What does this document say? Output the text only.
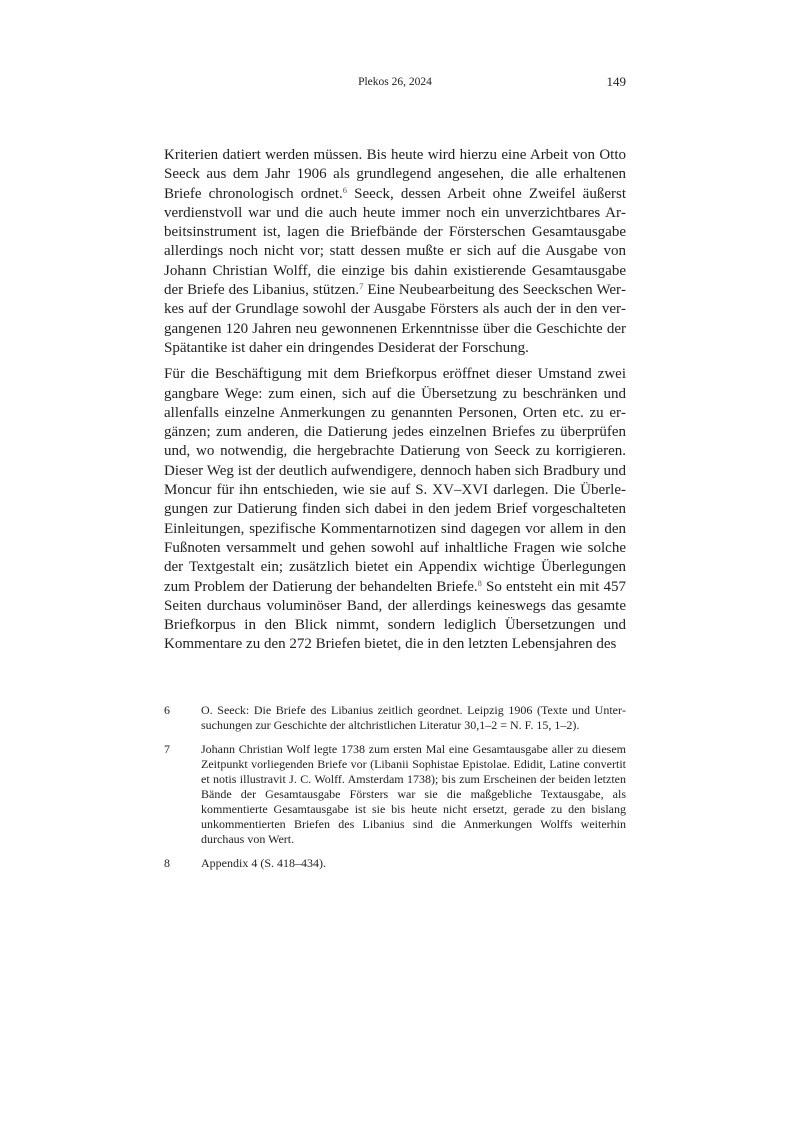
Plekos 26, 2024	149

Kriterien datiert werden müssen. Bis heute wird hierzu eine Arbeit von Otto Seeck aus dem Jahr 1906 als grundlegend angesehen, die alle erhaltenen Briefe chronologisch ordnet.$^6$ Seeck, dessen Arbeit ohne Zweifel äußerst verdienstvoll war und die auch heute immer noch ein unverzichtbares Arbeitsinstrument ist, lagen die Briefbände der Försterschen Gesamtausgabe allerdings noch nicht vor; statt dessen mußte er sich auf die Ausgabe von Johann Christian Wolff, die einzige bis dahin existierende Gesamtausgabe der Briefe des Libanius, stützen.$^7$ Eine Neubearbeitung des Seeckschen Werkes auf der Grundlage sowohl der Ausgabe Försters als auch der in den vergangenen 120 Jahren neu gewonnenen Erkenntnisse über die Geschichte der Spätantike ist daher ein dringendes Desiderat der Forschung.

Für die Beschäftigung mit dem Briefkorpus eröffnet dieser Umstand zwei gangbare Wege: zum einen, sich auf die Übersetzung zu beschränken und allenfalls einzelne Anmerkungen zu genannten Personen, Orten etc. zu ergänzen; zum anderen, die Datierung jedes einzelnen Briefes zu überprüfen und, wo notwendig, die hergebrachte Datierung von Seeck zu korrigieren. Dieser Weg ist der deutlich aufwendigere, dennoch haben sich Bradbury und Moncur für ihn entschieden, wie sie auf S. XV–XVI darlegen. Die Überlegungen zur Datierung finden sich dabei in den jedem Brief vorgeschalteten Einleitungen, spezifische Kommentarnotizen sind dagegen vor allem in den Fußnoten versammelt und gehen sowohl auf inhaltliche Fragen wie solche der Textgestalt ein; zusätzlich bietet ein Appendix wichtige Überlegungen zum Problem der Datierung der behandelten Briefe.$^8$ So entsteht ein mit 457 Seiten durchaus voluminöser Band, der allerdings keineswegs das gesamte Briefkorpus in den Blick nimmt, sondern lediglich Übersetzungen und Kommentare zu den 272 Briefen bietet, die in den letzten Lebensjahren des

6	O. Seeck: Die Briefe des Libanius zeitlich geordnet. Leipzig 1906 (Texte und Untersuchungen zur Geschichte der altchristlichen Literatur 30,1–2 = N. F. 15, 1–2).
7	Johann Christian Wolf legte 1738 zum ersten Mal eine Gesamtausgabe aller zu diesem Zeitpunkt vorliegenden Briefe vor (Libanii Sophistae Epistolae. Edidit, Latine convertit et notis illustravit J. C. Wolff. Amsterdam 1738); bis zum Erscheinen der beiden letzten Bände der Gesamtausgabe Försters war sie die maßgebliche Textausgabe, als kommentierte Gesamtausgabe ist sie bis heute nicht ersetzt, gerade zu den bislang unkommentierten Briefen des Libanius sind die Anmerkungen Wolffs weiterhin durchaus von Wert.
8	Appendix 4 (S. 418–434).
